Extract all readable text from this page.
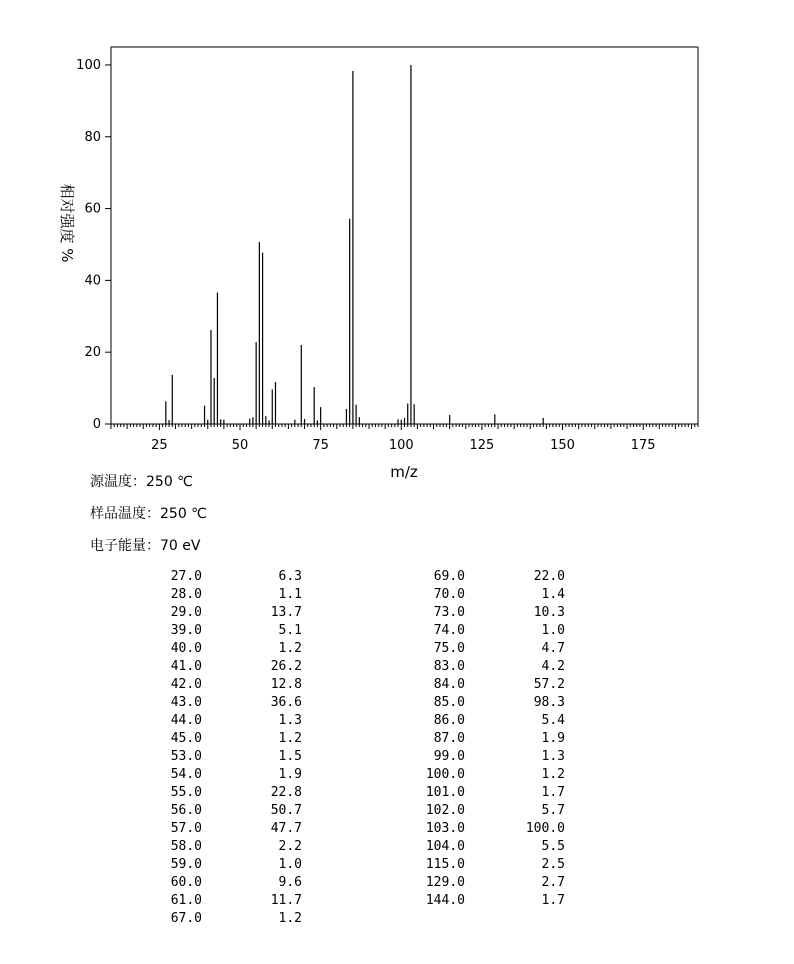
25	50	75	100	125	150	175
0
20
40
60
80
100
m/z
相对强度 %
源温度：250 ℃
样品温度：250 ℃
电子能量：70 eV
27.0	6.3
28.0	1.1
29.0	13.7
39.0	5.1
40.0	1.2
41.0	26.2
42.0	12.8
43.0	36.6
44.0	1.3
45.0	1.2
53.0	1.5
54.0	1.9
55.0	22.8
56.0	50.7
57.0	47.7
58.0	2.2
59.0	1.0
60.0	9.6
61.0	11.7
67.0	1.2
69.0	22.0
70.0	1.4
73.0	10.3
74.0	1.0
75.0	4.7
83.0	4.2
84.0	57.2
85.0	98.3
86.0	5.4
87.0	1.9
99.0	1.3
100.0	1.2
101.0	1.7
102.0	5.7
103.0	100.0
104.0	5.5
115.0	2.5
129.0	2.7
144.0	1.7
